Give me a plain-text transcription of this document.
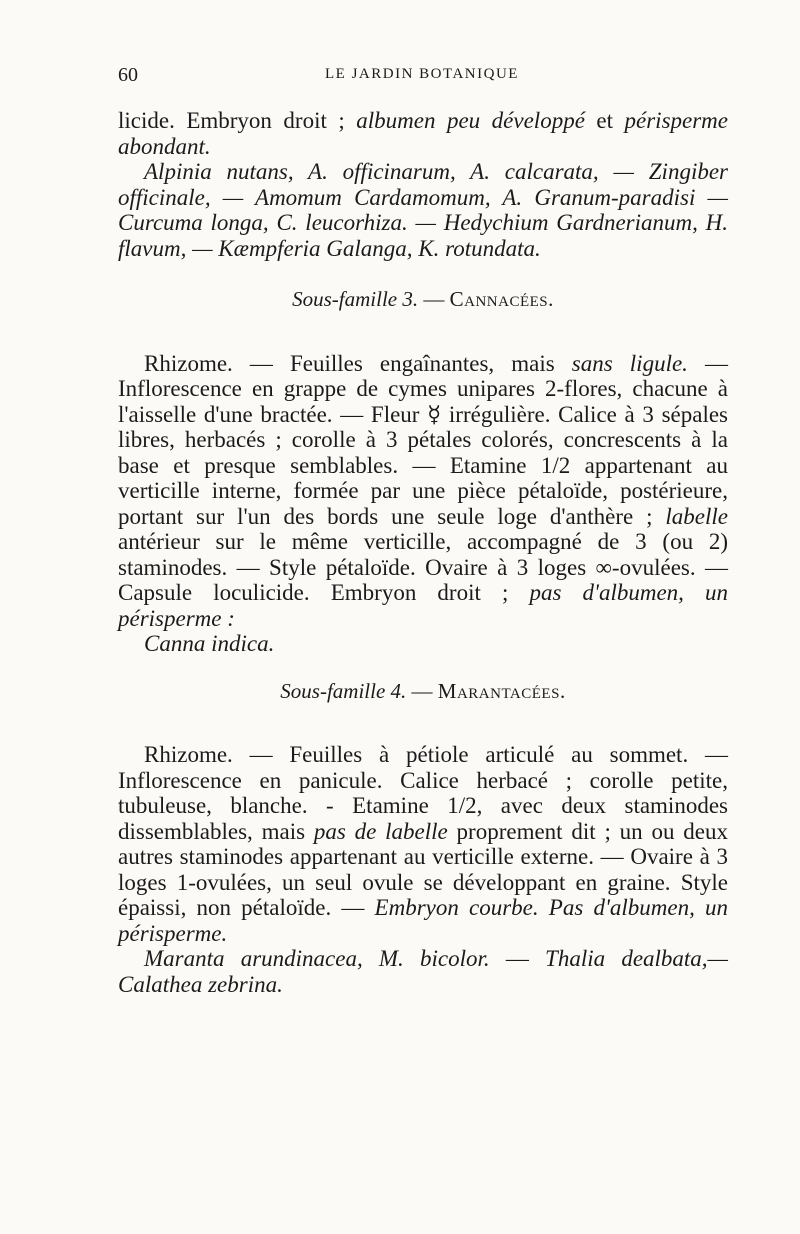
60	LE JARDIN BOTANIQUE

licide. Embryon droit ; albumen peu développé et périsperme abondant.

Alpinia nutans, A. officinarum, A. calcarata, — Zingiber officinale, — Amomum Cardamomum, A. Granum-paradisi — Curcuma longa, C. leucorhiza. — Hedychium Gardnerianum, H. flavum, — Kæmpferia Galanga, K. rotundata.

Sous-famille 3. — Cannacées.

Rhizome. — Feuilles engaînantes, mais sans ligule. — Inflorescence en grappe de cymes unipares 2-flores, chacune à l'aisselle d'une bractée. — Fleur ☿ irrégulière. Calice à 3 sépales libres, herbacés ; corolle à 3 pétales colorés, concrescents à la base et presque semblables. — Etamine 1/2 appartenant au verticille interne, formée par une pièce pétaloïde, postérieure, portant sur l'un des bords une seule loge d'anthère ; labelle antérieur sur le même verticille, accompagné de 3 (ou 2) staminodes. — Style pétaloïde. Ovaire à 3 loges ∞-ovulées. — Capsule loculicide. Embryon droit ; pas d'albumen, un périsperme :

Canna indica.

Sous-famille 4. — Marantacées.

Rhizome. — Feuilles à pétiole articulé au sommet. — Inflorescence en panicule. Calice herbacé ; corolle petite, tubuleuse, blanche. - Etamine 1/2, avec deux staminodes dissemblables, mais pas de labelle proprement dit ; un ou deux autres staminodes appartenant au verticille externe. — Ovaire à 3 loges 1-ovulées, un seul ovule se développant en graine. Style épaissi, non pétaloïde. — Embryon courbe. Pas d'albumen, un périsperme.

Maranta arundinacea, M. bicolor. — Thalia dealbata,— Calathea zebrina.
